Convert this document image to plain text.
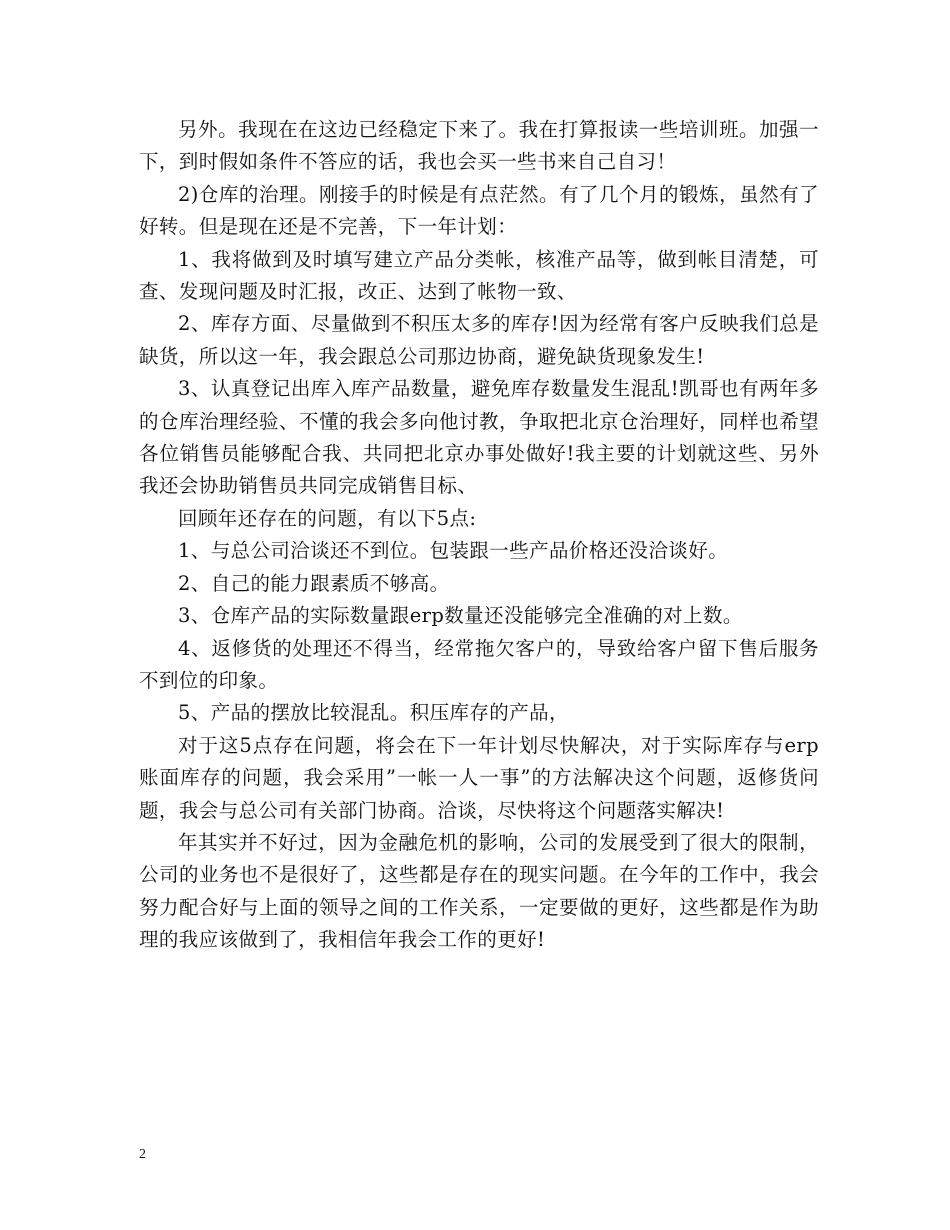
另外。我现在在这边已经稳定下来了。我在打算报读一些培训班。加强一下，到时假如条件不答应的话，我也会买一些书来自己自习！

2)仓库的治理。刚接手的时候是有点茫然。有了几个月的锻炼，虽然有了好转。但是现在还是不完善，下一年计划：

1、我将做到及时填写建立产品分类帐，核准产品等，做到帐目清楚，可查、发现问题及时汇报，改正、达到了帐物一致、

2、库存方面、尽量做到不积压太多的库存!因为经常有客户反映我们总是缺货，所以这一年，我会跟总公司那边协商，避免缺货现象发生!

3、认真登记出库入库产品数量，避免库存数量发生混乱!凯哥也有两年多的仓库治理经验、不懂的我会多向他讨教，争取把北京仓治理好，同样也希望各位销售员能够配合我、共同把北京办事处做好!我主要的计划就这些、另外我还会协助销售员共同完成销售目标、

回顾年还存在的问题，有以下5点:

1、与总公司洽谈还不到位。包装跟一些产品价格还没洽谈好。

2、自己的能力跟素质不够高。

3、仓库产品的实际数量跟erp数量还没能够完全准确的对上数。

4、返修货的处理还不得当，经常拖欠客户的，导致给客户留下售后服务不到位的印象。

5、产品的摆放比较混乱。积压库存的产品，

对于这5点存在问题，将会在下一年计划尽快解决，对于实际库存与erp账面库存的问题，我会采用”一帐一人一事”的方法解决这个问题，返修货问题，我会与总公司有关部门协商。洽谈，尽快将这个问题落实解决!

年其实并不好过，因为金融危机的影响，公司的发展受到了很大的限制，公司的业务也不是很好了，这些都是存在的现实问题。在今年的工作中，我会努力配合好与上面的领导之间的工作关系，一定要做的更好，这些都是作为助理的我应该做到了，我相信年我会工作的更好!

2
